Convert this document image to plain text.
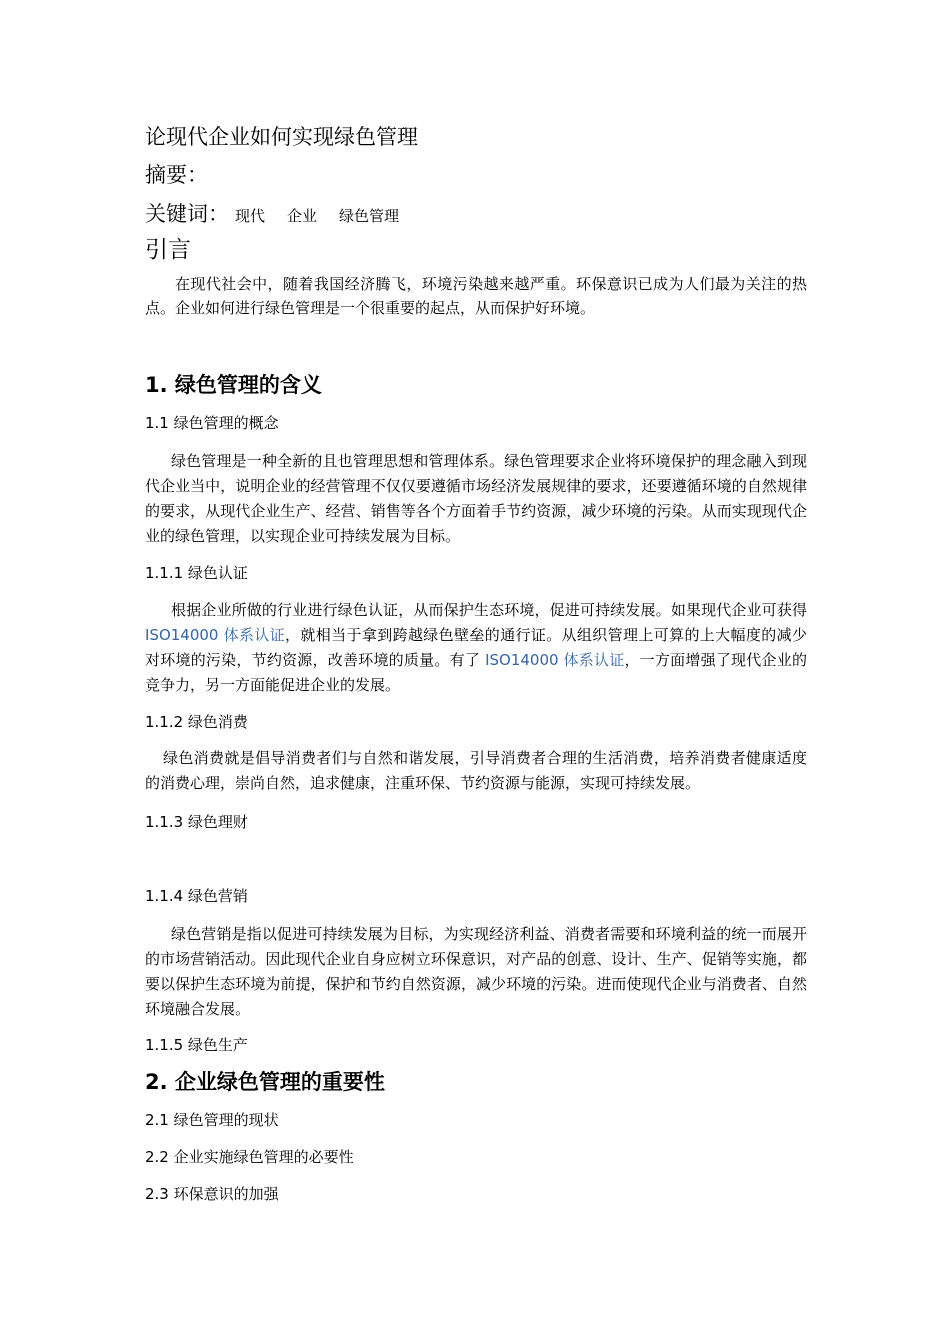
论现代企业如何实现绿色管理
摘要：
关键词： 现代 企业 绿色管理
引言
在现代社会中，随着我国经济腾飞，环境污染越来越严重。环保意识已成为人们最为关注的热点。企业如何进行绿色管理是一个很重要的起点，从而保护好环境。
1. 绿色管理的含义
1.1 绿色管理的概念
绿色管理是一种全新的且也管理思想和管理体系。绿色管理要求企业将环境保护的理念融入到现代企业当中，说明企业的经营管理不仅仅要遵循市场经济发展规律的要求，还要遵循环境的自然规律的要求，从现代企业生产、经营、销售等各个方面着手节约资源，减少环境的污染。从而实现现代企业的绿色管理，以实现企业可持续发展为目标。
1.1.1 绿色认证
根据企业所做的行业进行绿色认证，从而保护生态环境，促进可持续发展。如果现代企业可获得 ISO14000 体系认证，就相当于拿到跨越绿色壁垒的通行证。从组织管理上可算的上大幅度的减少对环境的污染，节约资源，改善环境的质量。有了 ISO14000 体系认证，一方面增强了现代企业的竞争力，另一方面能促进企业的发展。
1.1.2 绿色消费
绿色消费就是倡导消费者们与自然和谐发展，引导消费者合理的生活消费，培养消费者健康适度的消费心理，崇尚自然，追求健康，注重环保、节约资源与能源，实现可持续发展。
1.1.3 绿色理财
1.1.4 绿色营销
绿色营销是指以促进可持续发展为目标，为实现经济利益、消费者需要和环境利益的统一而展开的市场营销活动。因此现代企业自身应树立环保意识，对产品的创意、设计、生产、促销等实施，都要以保护生态环境为前提，保护和节约自然资源，减少环境的污染。进而使现代企业与消费者、自然环境融合发展。
1.1.5 绿色生产
2. 企业绿色管理的重要性
2.1 绿色管理的现状
2.2 企业实施绿色管理的必要性
2.3 环保意识的加强
